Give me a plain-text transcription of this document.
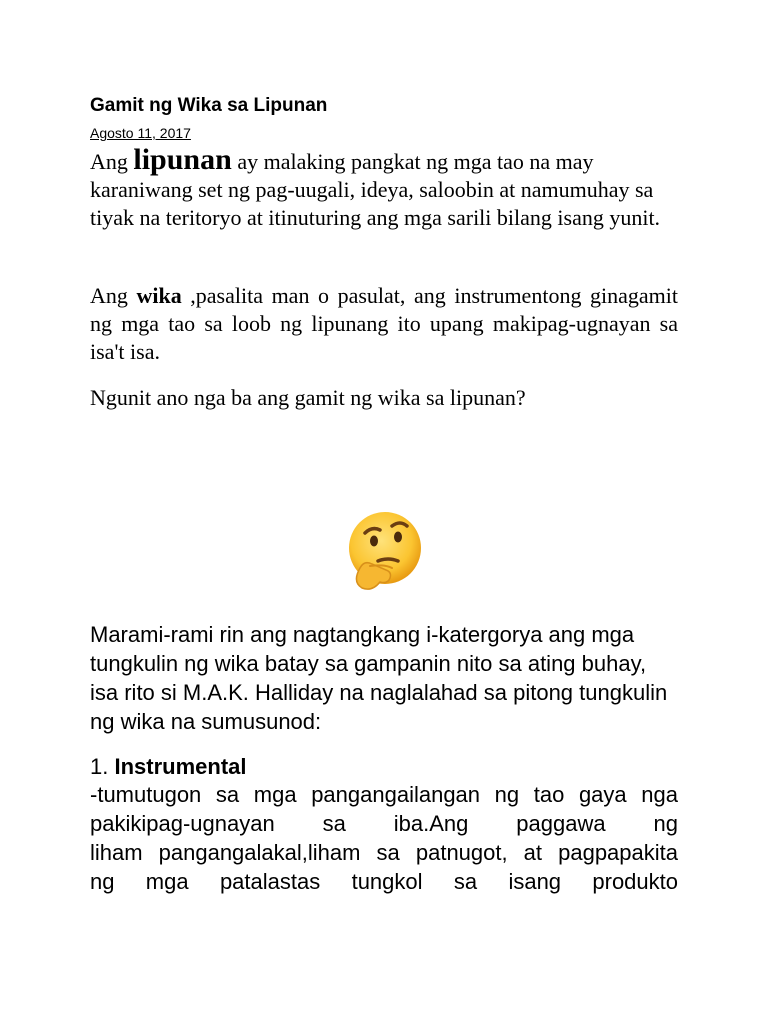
Gamit ng Wika sa Lipunan
Agosto 11, 2017
Ang lipunan ay malaking pangkat ng mga tao na may karaniwang set ng pag-uugali, ideya, saloobin at namumuhay sa tiyak na teritoryo at itinuturing ang mga sarili bilang isang yunit.
Ang wika ,pasalita man o pasulat, ang instrumentong ginagamit ng mga tao sa loob ng lipunang ito upang makipag-ugnayan sa isa't isa.
Ngunit ano nga ba ang gamit ng wika sa lipunan?
Marami-rami rin ang nagtangkang i-katergorya ang mga
tungkulin ng wika batay sa gampanin nito sa ating buhay,
isa rito si M.A.K. Halliday na naglalahad sa pitong tungkulin
ng wika na sumusunod:
1. Instrumental
-tumutugon sa mga pangangailangan ng tao gaya nga
pakikipag-ugnayan sa iba.Ang paggawa ng
liham pangangalakal,liham sa patnugot, at pagpapakita
ng mga patalastas tungkol sa isang produkto
